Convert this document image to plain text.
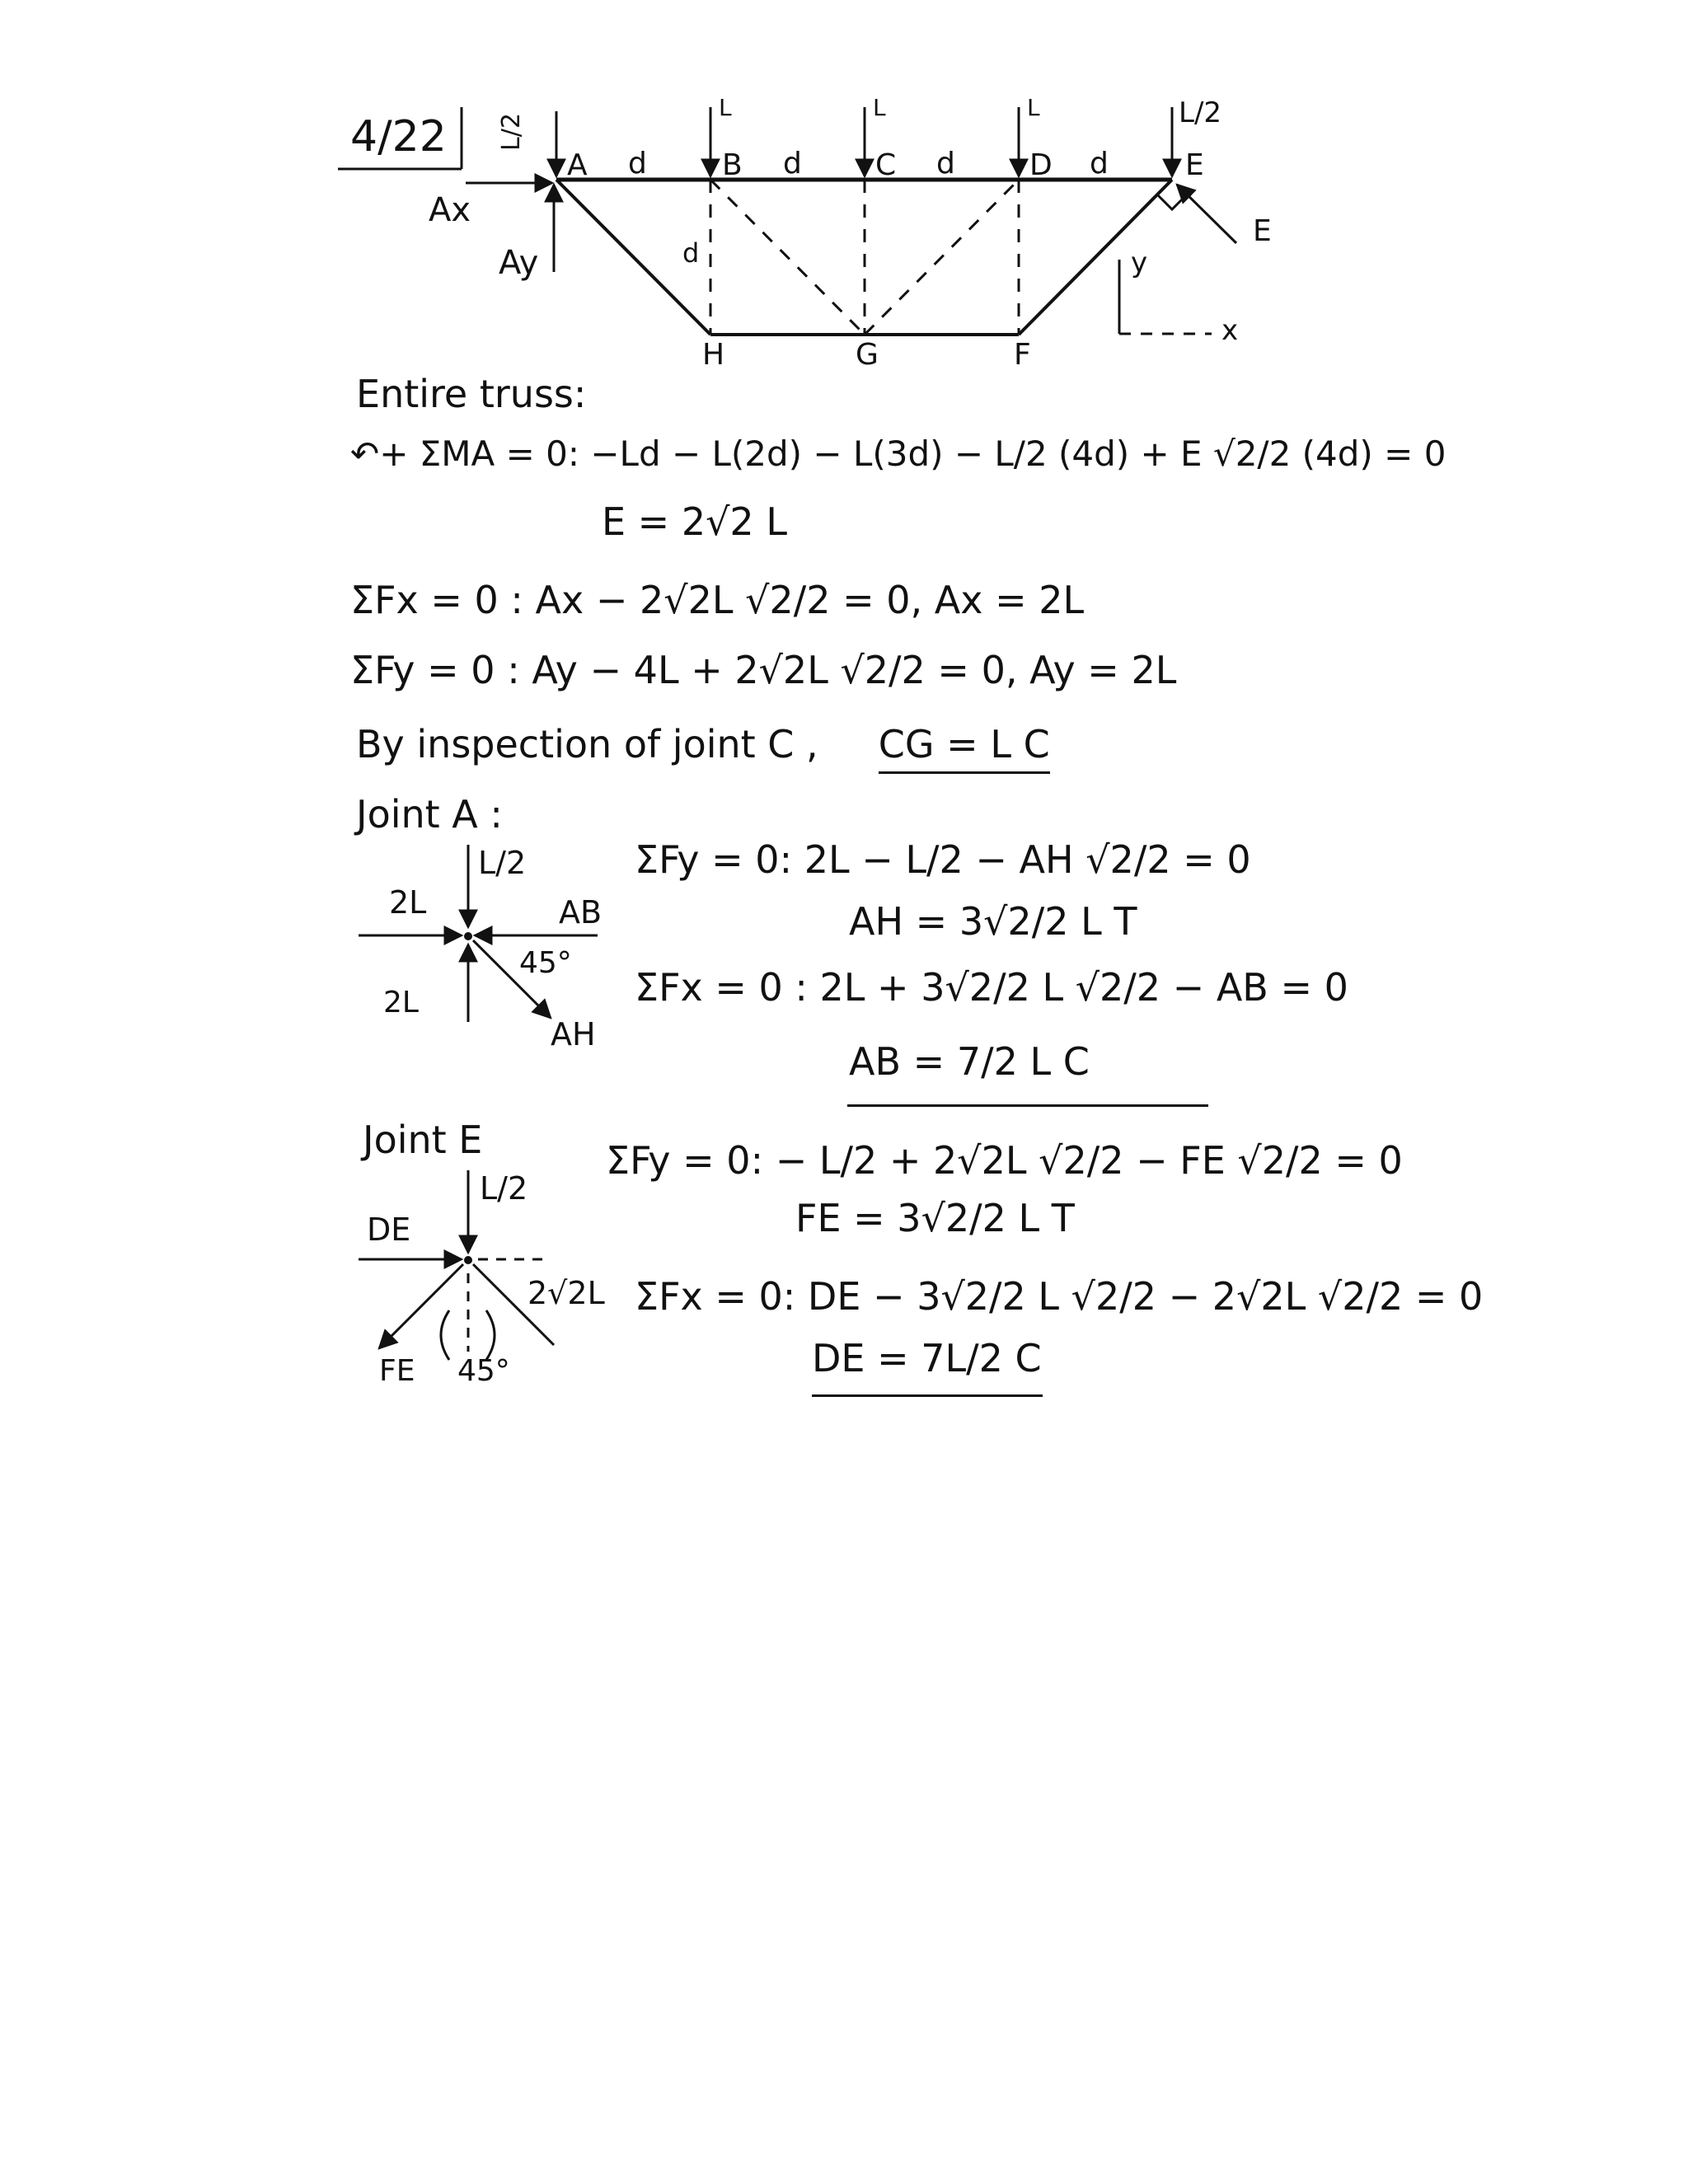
4/22 L/2
L	L	L	L/2
A	B	C	D	E
F
G
H
d	d	d	d
d
Ax
Ay
E
y
x
Entire truss:
↶+ ΣMA = 0: −Ld − L(2d) − L(3d) − L/2 (4d) + E √2/2 (4d) = 0
E = 2√2 L
ΣFx = 0 : Ax − 2√2L √2/2 = 0, Ax = 2L
ΣFy = 0 : Ay − 4L + 2√2L √2/2 = 0, Ay = 2L
By inspection of joint C , CG = L C
Joint A :
L/2
2L	AB
45°
2L
AH
ΣFy = 0: 2L − L/2 − AH √2/2 = 0
AH = 3√2/2 L T
ΣFx = 0 : 2L + 3√2/2 L √2/2 − AB = 0
AB = 7/2 L C
Joint E
L/2
DE
FE 45°
2√2L
ΣFy = 0: − L/2 + 2√2L √2/2 − FE √2/2 = 0
FE = 3√2/2 L T
ΣFx = 0: DE − 3√2/2 L √2/2 − 2√2L √2/2 = 0
DE = 7L/2 C
